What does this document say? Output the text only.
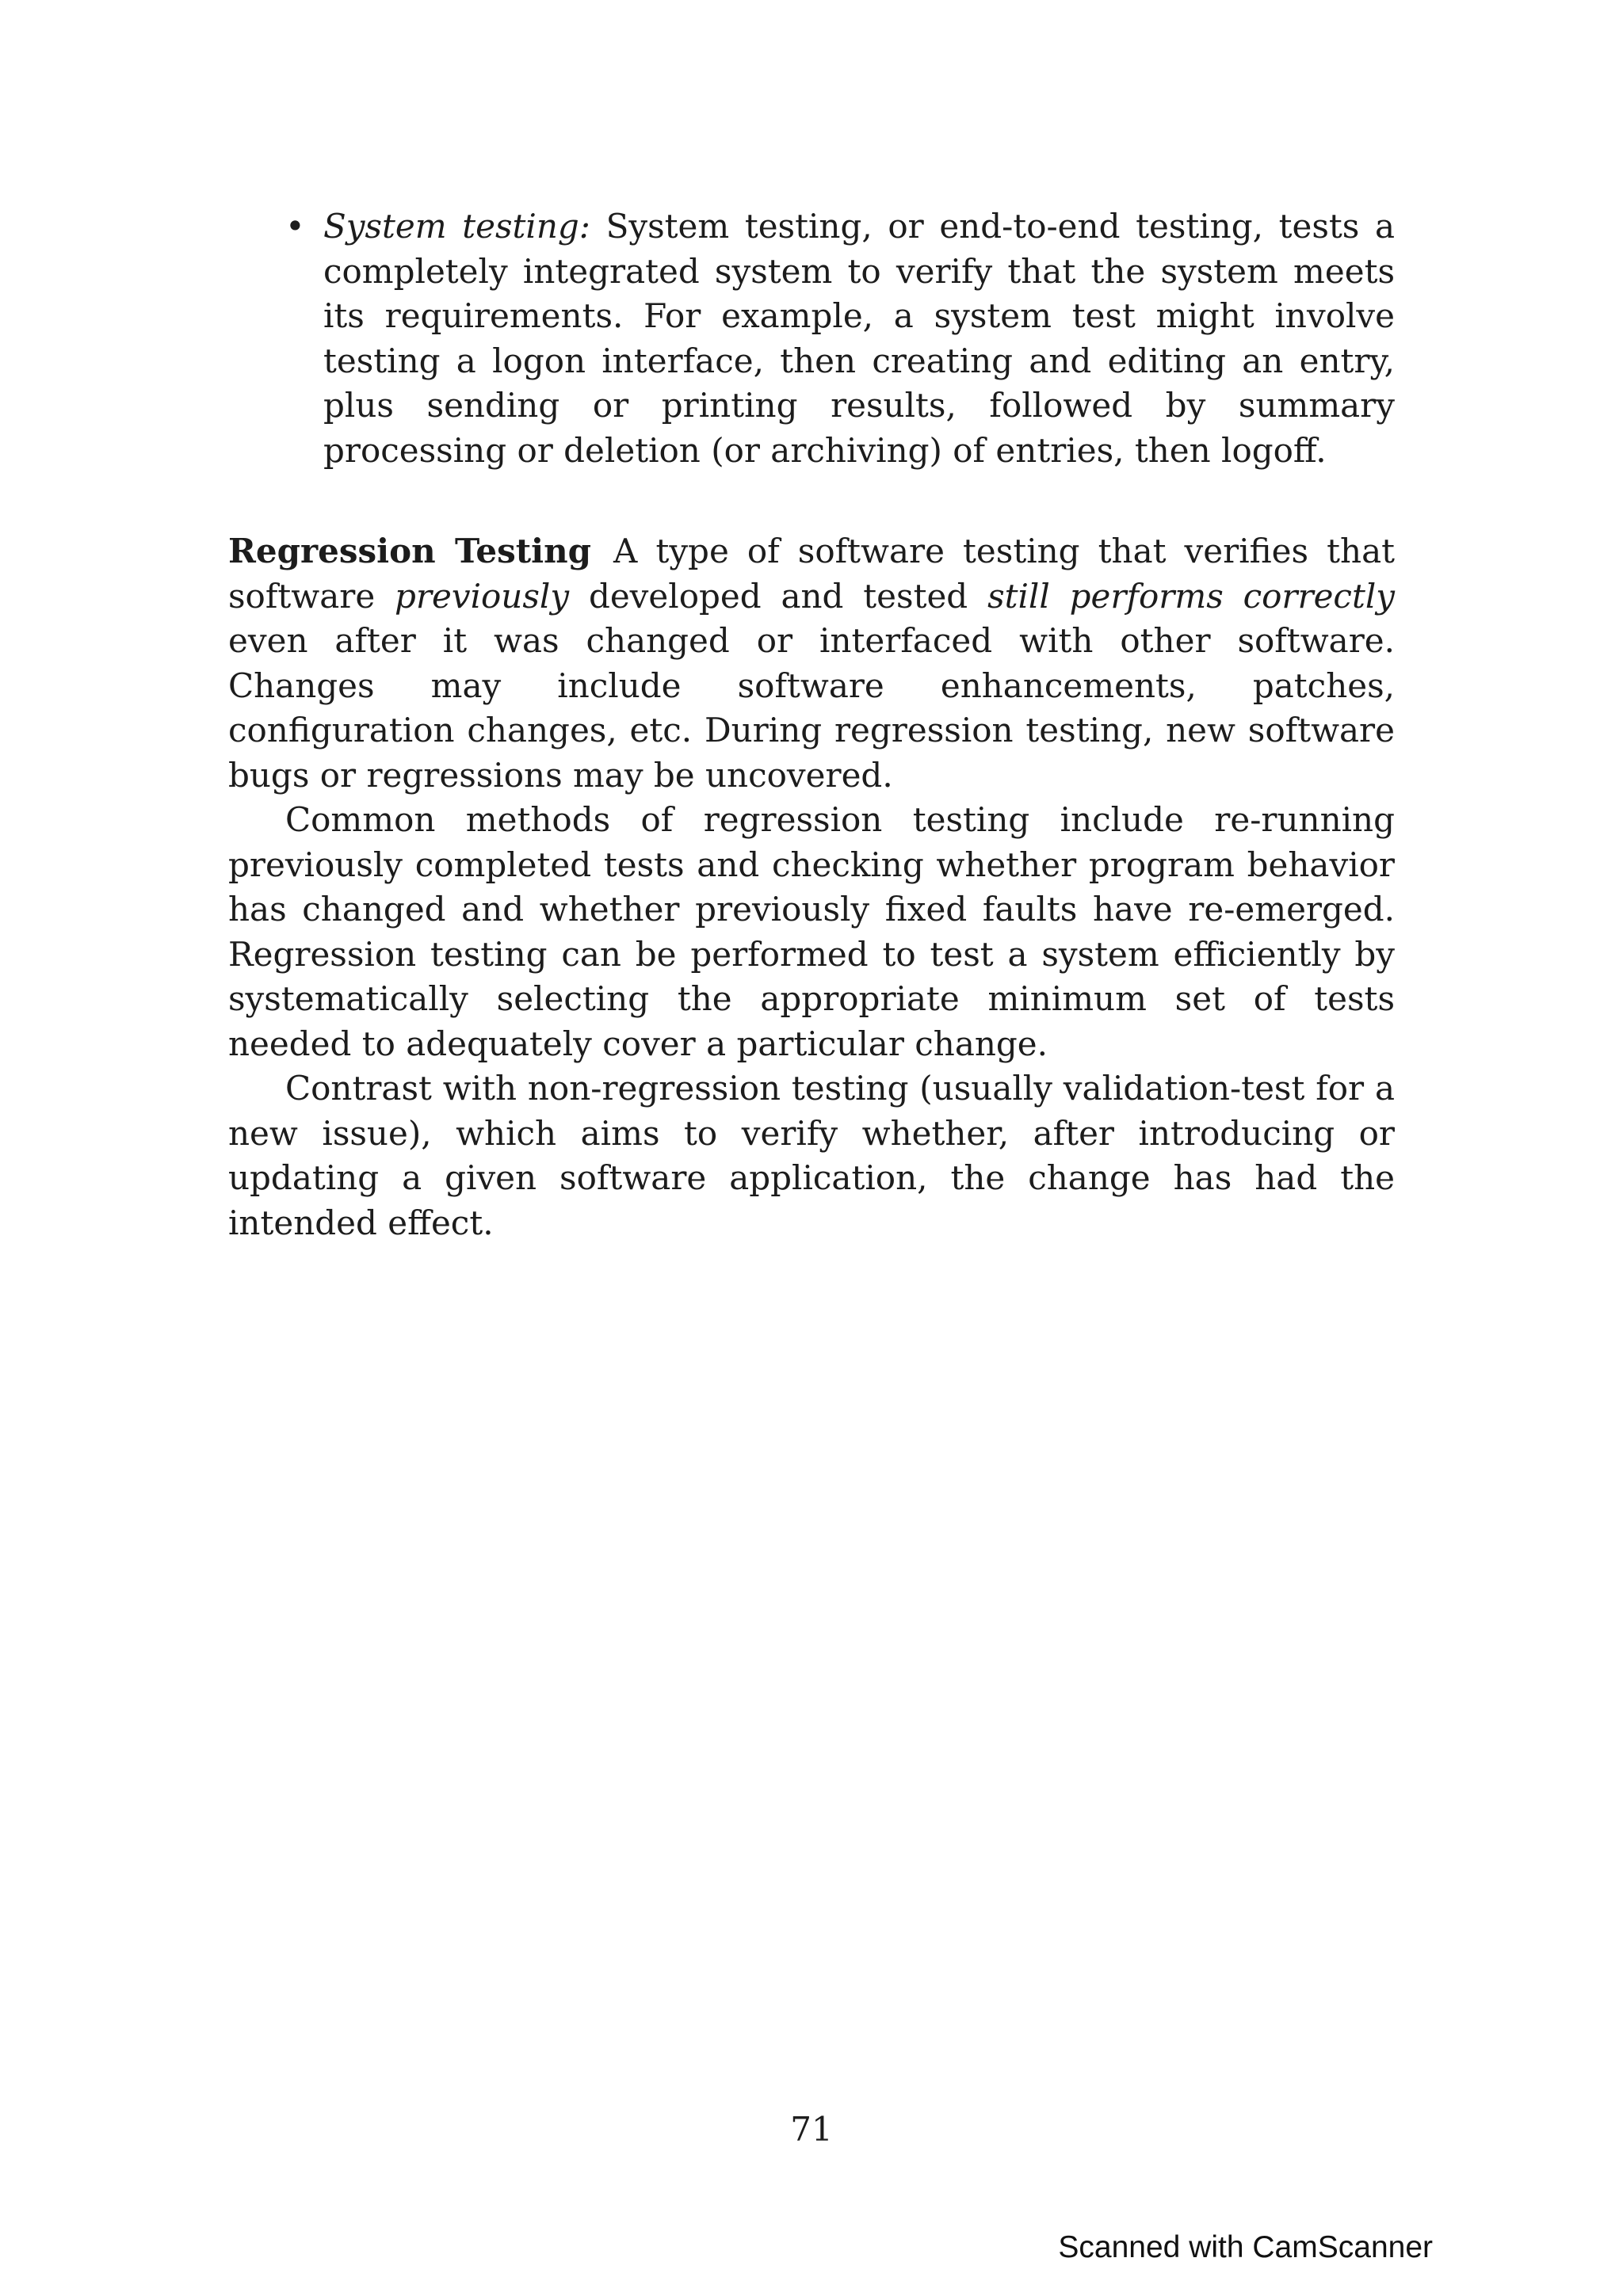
• System testing: System testing, or end-to-end testing, tests a completely integrated system to verify that the system meets its requirements. For example, a system test might involve testing a logon interface, then creating and editing an entry, plus sending or printing results, followed by summary processing or deletion (or archiving) of entries, then logoff.

Regression Testing A type of software testing that verifies that software previously developed and tested still performs correctly even after it was changed or interfaced with other software. Changes may include software enhancements, patches, configuration changes, etc. During regression testing, new software bugs or regressions may be uncovered.

Common methods of regression testing include re-running previously completed tests and checking whether program behavior has changed and whether previously fixed faults have re-emerged. Regression testing can be performed to test a system efficiently by systematically selecting the appropriate minimum set of tests needed to adequately cover a particular change.

Contrast with non-regression testing (usually validation-test for a new issue), which aims to verify whether, after introducing or updating a given software application, the change has had the intended effect.

71
Scanned with CamScanner
